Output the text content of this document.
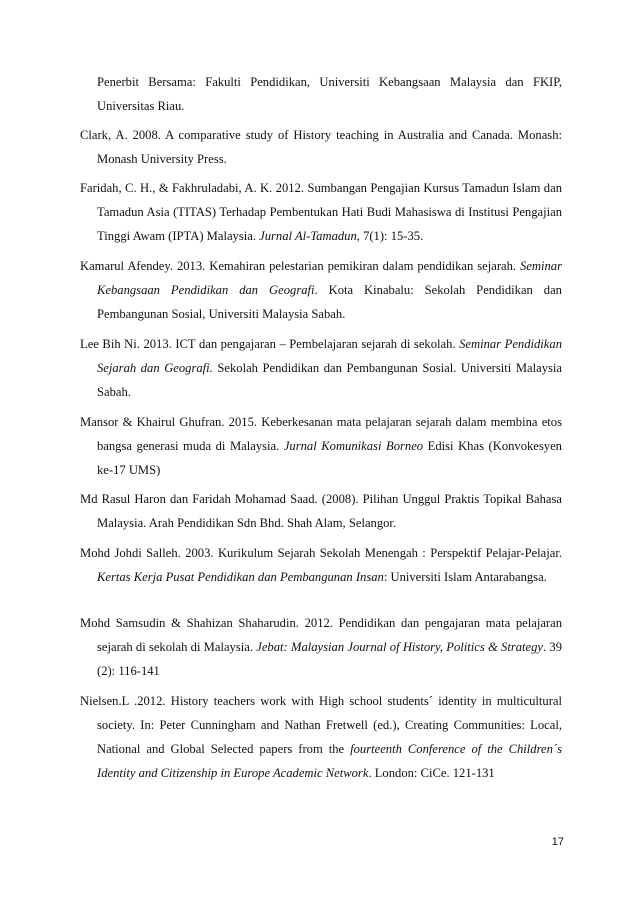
Penerbit Bersama: Fakulti Pendidikan, Universiti Kebangsaan Malaysia dan FKIP, Universitas Riau.
Clark, A. 2008. A comparative study of History teaching in Australia and Canada. Monash: Monash University Press.
Faridah, C. H., & Fakhruladabi, A. K. 2012. Sumbangan Pengajian Kursus Tamadun Islam dan Tamadun Asia (TITAS) Terhadap Pembentukan Hati Budi Mahasiswa di Institusi Pengajian Tinggi Awam (IPTA) Malaysia. Jurnal Al-Tamadun, 7(1): 15-35.
Kamarul Afendey. 2013. Kemahiran pelestarian pemikiran dalam pendidikan sejarah. Seminar Kebangsaan Pendidikan dan Geografi. Kota Kinabalu: Sekolah Pendidikan dan Pembangunan Sosial, Universiti Malaysia Sabah.
Lee Bih Ni. 2013. ICT dan pengajaran – Pembelajaran sejarah di sekolah. Seminar Pendidikan Sejarah dan Geografi. Sekolah Pendidikan dan Pembangunan Sosial. Universiti Malaysia Sabah.
Mansor & Khairul Ghufran. 2015. Keberkesanan mata pelajaran sejarah dalam membina etos bangsa generasi muda di Malaysia. Jurnal Komunikasi Borneo Edisi Khas (Konvokesyen ke-17 UMS)
Md Rasul Haron dan Faridah Mohamad Saad. (2008). Pilihan Unggul Praktis Topikal Bahasa Malaysia. Arah Pendidikan Sdn Bhd. Shah Alam, Selangor.
Mohd Johdi Salleh. 2003. Kurikulum Sejarah Sekolah Menengah : Perspektif Pelajar-Pelajar. Kertas Kerja Pusat Pendidikan dan Pembangunan Insan: Universiti Islam Antarabangsa.
Mohd Samsudin & Shahizan Shaharudin. 2012. Pendidikan dan pengajaran mata pelajaran sejarah di sekolah di Malaysia. Jebat: Malaysian Journal of History, Politics & Strategy. 39 (2): 116-141
Nielsen.L .2012. History teachers work with High school students´ identity in multicultural society. In: Peter Cunningham and Nathan Fretwell (ed.), Creating Communities: Local, National and Global Selected papers from the fourteenth Conference of the Children´s Identity and Citizenship in Europe Academic Network. London: CiCe. 121-131
17
